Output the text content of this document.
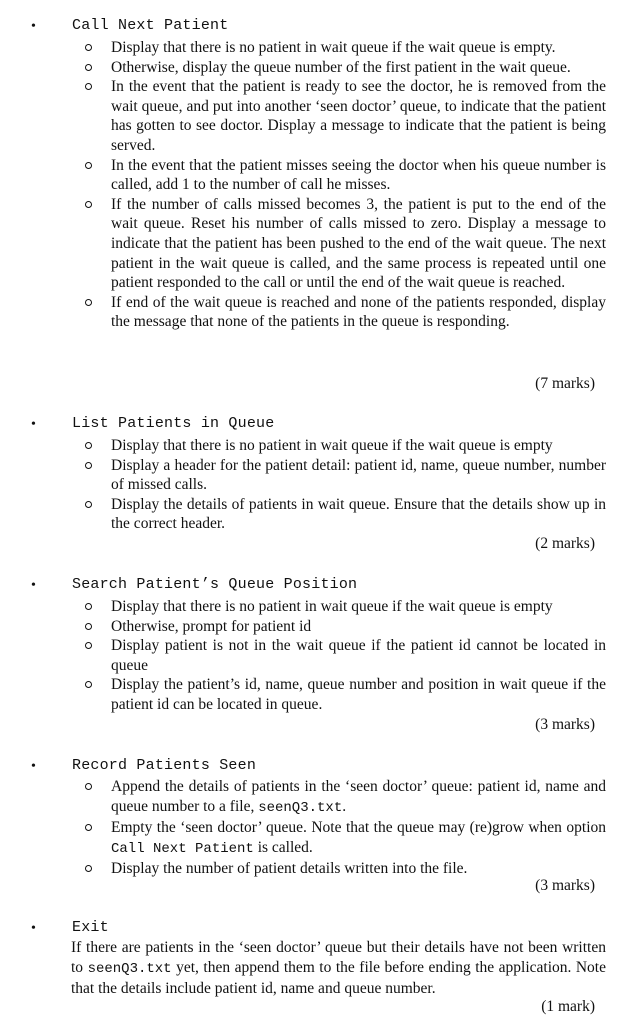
• Call Next Patient
Display that there is no patient in wait queue if the wait queue is empty.
Otherwise, display the queue number of the first patient in the wait queue.
In the event that the patient is ready to see the doctor, he is removed from the wait queue, and put into another ‘seen doctor’ queue, to indicate that the patient has gotten to see doctor. Display a message to indicate that the patient is being served.
In the event that the patient misses seeing the doctor when his queue number is called, add 1 to the number of call he misses.
If the number of calls missed becomes 3, the patient is put to the end of the wait queue. Reset his number of calls missed to zero. Display a message to indicate that the patient has been pushed to the end of the wait queue. The next patient in the wait queue is called, and the same process is repeated until one patient responded to the call or until the end of the wait queue is reached.
If end of the wait queue is reached and none of the patients responded, display the message that none of the patients in the queue is responding.
(7 marks)
• List Patients in Queue
Display that there is no patient in wait queue if the wait queue is empty
Display a header for the patient detail: patient id, name, queue number, number of missed calls.
Display the details of patients in wait queue. Ensure that the details show up in the correct header.
(2 marks)
• Search Patient’s Queue Position
Display that there is no patient in wait queue if the wait queue is empty
Otherwise, prompt for patient id
Display patient is not in the wait queue if the patient id cannot be located in queue
Display the patient’s id, name, queue number and position in wait queue if the patient id can be located in queue.
(3 marks)
• Record Patients Seen
Append the details of patients in the ‘seen doctor’ queue: patient id, name and queue number to a file, seenQ3.txt.
Empty the ‘seen doctor’ queue. Note that the queue may (re)grow when option Call Next Patient is called.
Display the number of patient details written into the file.
(3 marks)
• Exit
If there are patients in the ‘seen doctor’ queue but their details have not been written to seenQ3.txt yet, then append them to the file before ending the application. Note that the details include patient id, name and queue number.
(1 mark)
